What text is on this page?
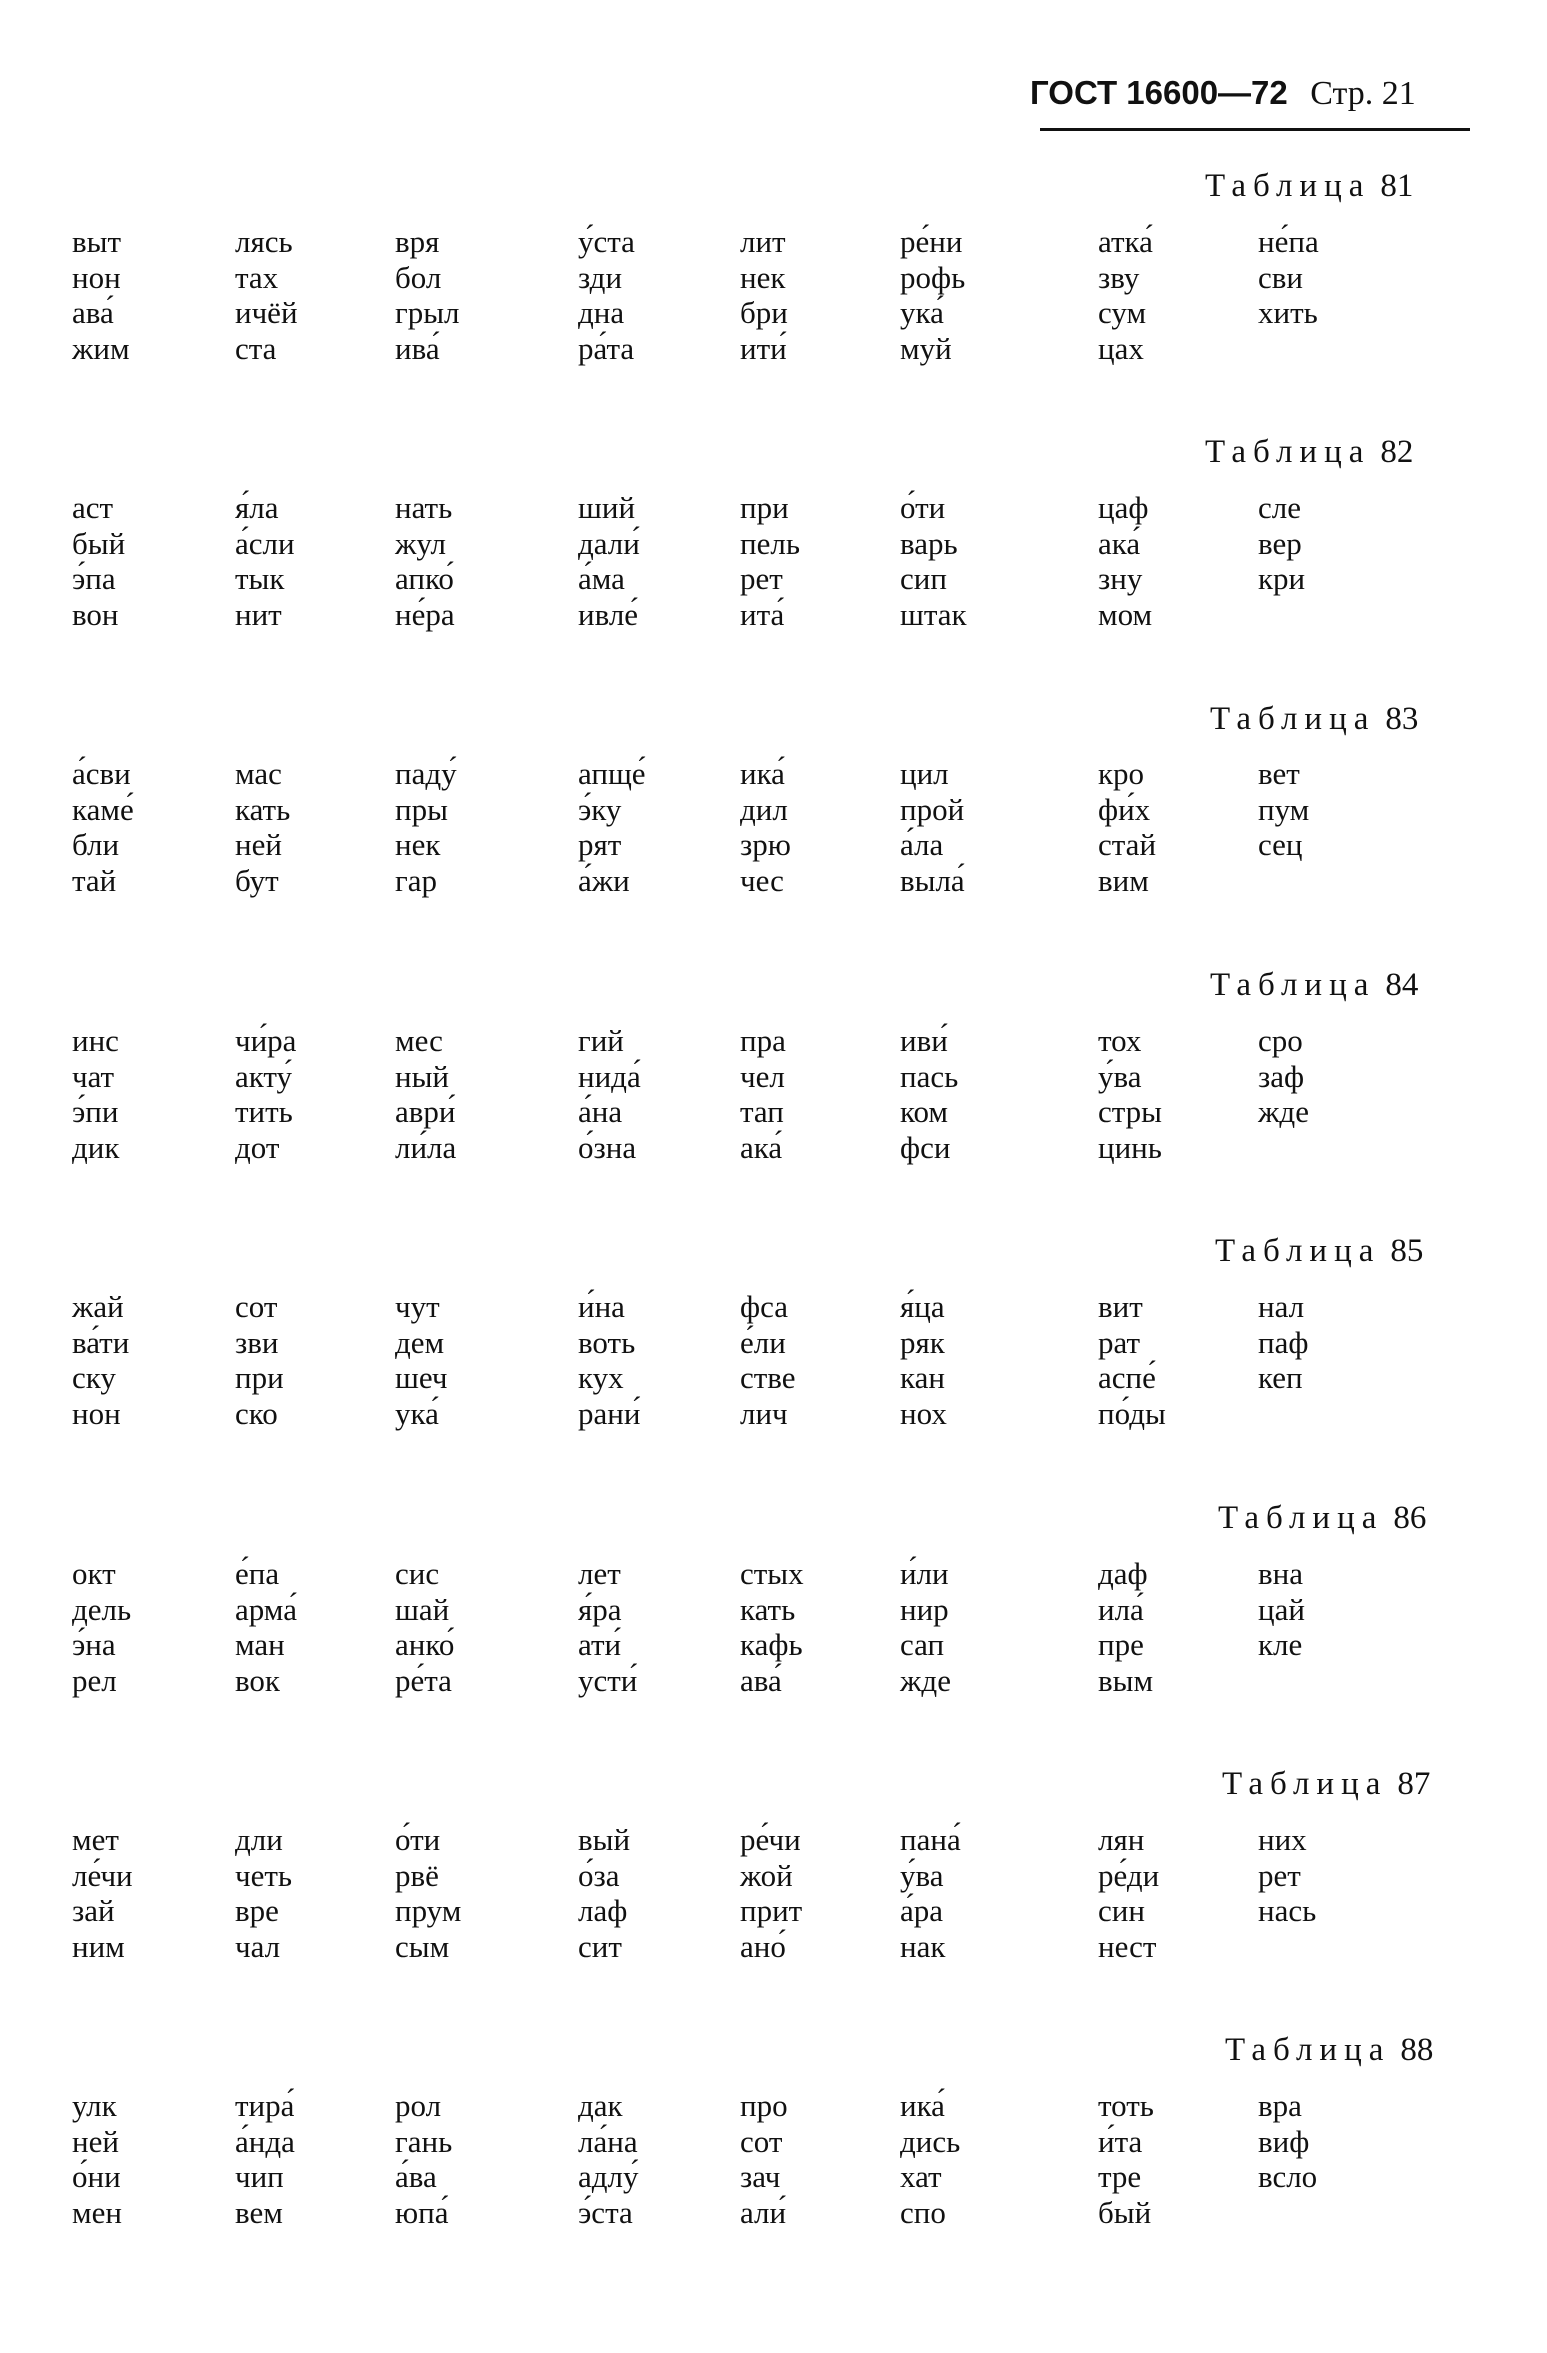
ГОСТ 16600—72 Стр. 21
Таблица 81
выт
нон
ава́
жим
лясь
тах
ичёй
ста
вря
бол
грыл
ива́
у́ста
зди
дна
ра́та
лит
нек
бри
ити́
ре́ни
рофь
ука́
муй
атка́
зву
сум
цах
не́па
сви
хить
Таблица 82
аст
бый
э́па
вон
я́ла
а́сли
тык
нит
нать
жул
апко́
не́ра
ший
дали́
а́ма
ивле́
при
пель
рет
ита́
о́ти
варь
сип
штак
цаф
ака́
зну
мом
сле
вер
кри
Таблица 83
а́сви
каме́
бли
тай
мас
кать
ней
бут
паду́
пры
нек
гар
апще́
э́ку
рят
а́жи
ика́
дил
зрю
чес
цил
прой
а́ла
выла́
кро
фи́х
стай
вим
вет
пум
сец
Таблица 84
инс
чат
э́пи
дик
чи́ра
акту́
тить
дот
мес
ный
аври́
ли́ла
гий
нида́
а́на
о́зна
пра
чел
тап
ака́
иви́
пась
ком
фси
тох
у́ва
стры
цинь
сро
заф
жде
Таблица 85
жай
ва́ти
ску
нон
сот
зви
при
ско
чут
дем
шеч
ука́
и́на
воть
кух
рани́
фса
е́ли
стве
лич
я́ца
ряк
кан
нох
вит
рат
аспе́
по́ды
нал
паф
кеп
Таблица 86
окт
дель
э́на
рел
е́па
арма́
ман
вок
сис
шай
анко́
ре́та
лет
я́ра
ати́
усти́
стых
кать
кафь
ава́
и́ли
нир
сап
жде
даф
ила́
пре
вым
вна
цай
кле
Таблица 87
мет
ле́чи
зай
ним
дли
четь
вре
чал
о́ти
рвё
прум
сым
вый
о́за
лаф
сит
ре́чи
жой
прит
ано́
пана́
у́ва
а́ра
нак
лян
ре́ди
син
нест
них
рет
нась
Таблица 88
улк
ней
о́ни
мен
тира́
а́нда
чип
вем
рол
гань
а́ва
юпа́
дак
ла́на
адлу́
э́ста
про
сот
зач
али́
ика́
дись
хат
спо
тоть
и́та
тре
бый
вра
виф
всло
